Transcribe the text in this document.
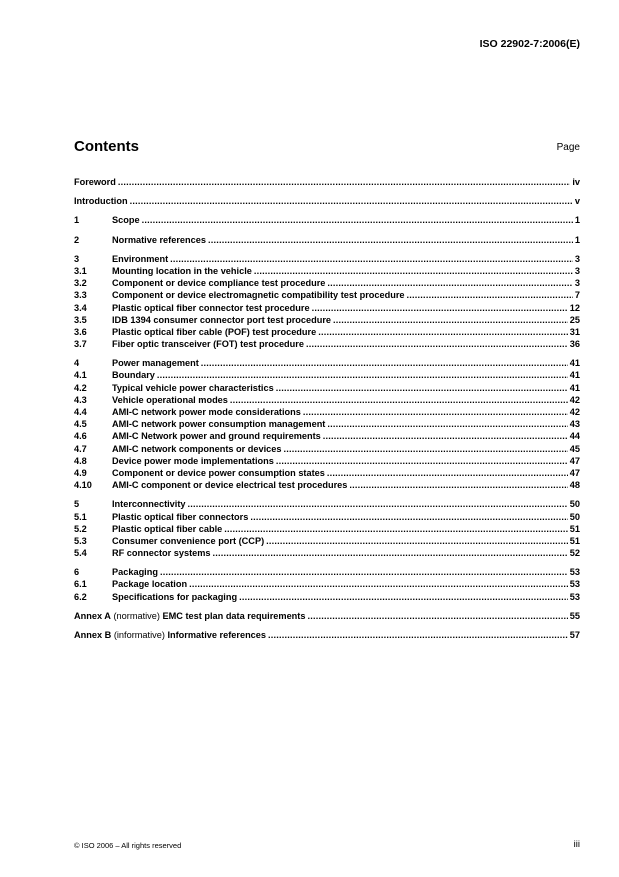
ISO 22902-7:2006(E)
Contents	Page
Foreword .....	iv
Introduction .....	v
1	Scope .....	1
2	Normative references .....	1
3	Environment .....	3
3.1	Mounting location in the vehicle .....	3
3.2	Component or device compliance test procedure .....	3
3.3	Component or device electromagnetic compatibility test procedure .....	7
3.4	Plastic optical fiber connector test procedure .....	12
3.5	IDB 1394 consumer connector port test procedure .....	25
3.6	Plastic optical fiber cable (POF) test procedure .....	31
3.7	Fiber optic transceiver (FOT) test procedure .....	36
4	Power management .....	41
4.1	Boundary .....	41
4.2	Typical vehicle power characteristics .....	41
4.3	Vehicle operational modes .....	42
4.4	AMI-C network power mode considerations .....	42
4.5	AMI-C network power consumption management .....	43
4.6	AMI-C Network power and ground requirements .....	44
4.7	AMI-C network components or devices .....	45
4.8	Device power mode implementations .....	47
4.9	Component or device power consumption states .....	47
4.10	AMI-C component or device electrical test procedures .....	48
5	Interconnectivity .....	50
5.1	Plastic optical fiber connectors .....	50
5.2	Plastic optical fiber cable .....	51
5.3	Consumer convenience port (CCP) .....	51
5.4	RF connector systems .....	52
6	Packaging .....	53
6.1	Package location .....	53
6.2	Specifications for packaging .....	53
Annex A (normative) EMC test plan data requirements .....	55
Annex B (informative) Informative references .....	57
© ISO 2006 – All rights reserved	iii
